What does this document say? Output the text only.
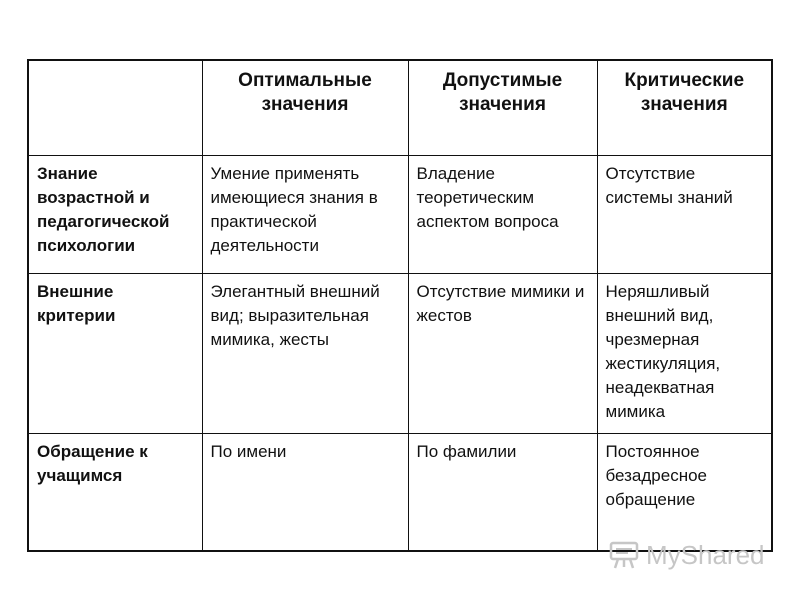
	Оптимальные значения	Допустимые значения	Критические значения
Знание возрастной и педагогической психологии	Умение применять имеющиеся знания в практической деятельности	Владение теоретическим аспектом вопроса	Отсутствие системы знаний
Внешние критерии	Элегантный внешний вид; выразительная мимика, жесты	Отсутствие мимики и жестов	Неряшливый внешний вид, чрезмерная жестикуляция, неадекватная мимика
Обращение к учащимся	По имени	По фамилии	Постоянное безадресное обращение
MyShared
